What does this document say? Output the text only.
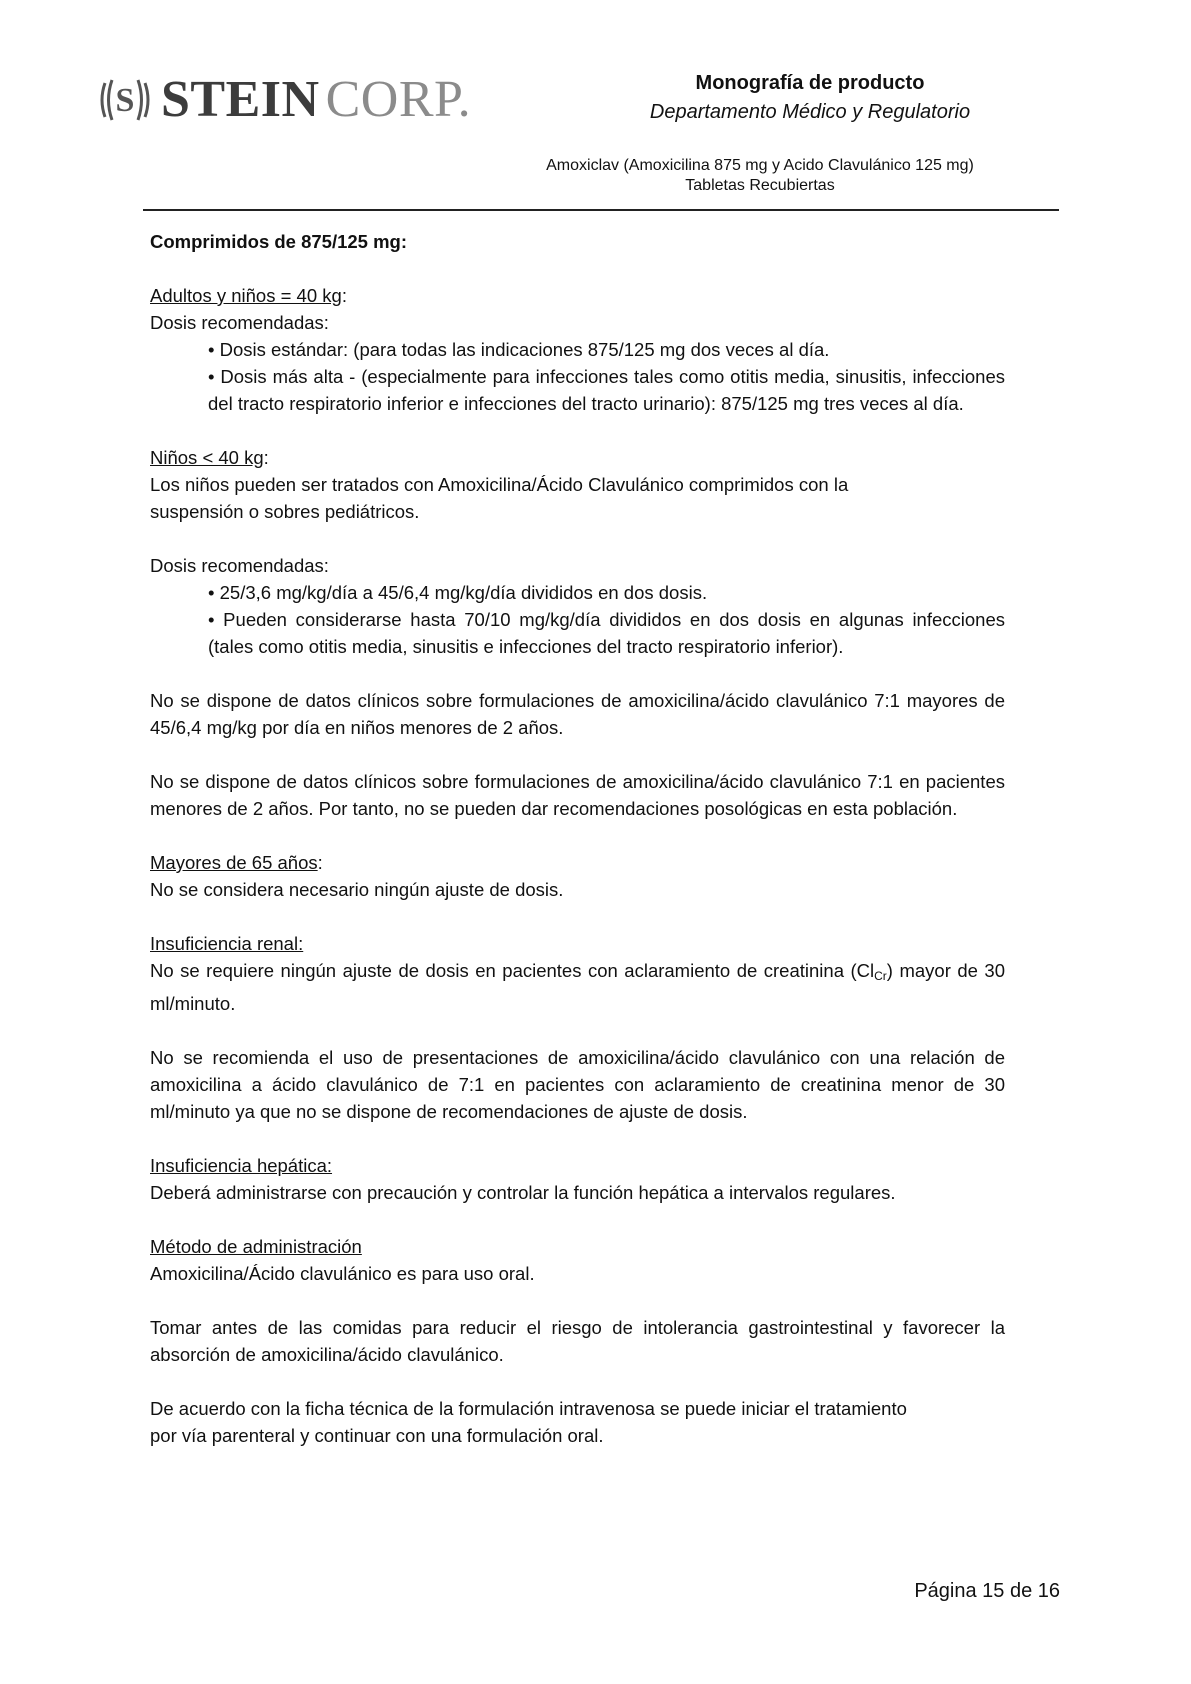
S STEIN CORP.	Monografía de producto
Departamento Médico y Regulatorio
Amoxiclav (Amoxicilina 875 mg y Acido Clavulánico 125 mg)
Tabletas Recubiertas

Comprimidos de 875/125 mg:

Adultos y niños = 40 kg:

Dosis recomendadas:

• Dosis estándar: (para todas las indicaciones 875/125 mg dos veces al día.

• Dosis más alta - (especialmente para infecciones tales como otitis media, sinusitis, infecciones del tracto respiratorio inferior e infecciones del tracto urinario): 875/125 mg tres veces al día.

Niños < 40 kg:

Los niños pueden ser tratados con Amoxicilina/Ácido Clavulánico comprimidos con la suspensión o sobres pediátricos.

Dosis recomendadas:

• 25/3,6 mg/kg/día a 45/6,4 mg/kg/día divididos en dos dosis.

• Pueden considerarse hasta 70/10 mg/kg/día divididos en dos dosis en algunas infecciones (tales como otitis media, sinusitis e infecciones del tracto respiratorio inferior).

No se dispone de datos clínicos sobre formulaciones de amoxicilina/ácido clavulánico 7:1 mayores de 45/6,4 mg/kg por día en niños menores de 2 años.

No se dispone de datos clínicos sobre formulaciones de amoxicilina/ácido clavulánico 7:1 en pacientes menores de 2 años. Por tanto, no se pueden dar recomendaciones posológicas en esta población.

Mayores de 65 años:

No se considera necesario ningún ajuste de dosis.

Insuficiencia renal:

No se requiere ningún ajuste de dosis en pacientes con aclaramiento de creatinina $(Cl_{Cr})$ mayor de 30 ml/minuto.

No se recomienda el uso de presentaciones de amoxicilina/ácido clavulánico con una relación de amoxicilina a ácido clavulánico de 7:1 en pacientes con aclaramiento de creatinina menor de 30 ml/minuto ya que no se dispone de recomendaciones de ajuste de dosis.

Insuficiencia hepática:

Deberá administrarse con precaución y controlar la función hepática a intervalos regulares.

Método de administración

Amoxicilina/Ácido clavulánico es para uso oral.

Tomar antes de las comidas para reducir el riesgo de intolerancia gastrointestinal y favorecer la absorción de amoxicilina/ácido clavulánico.

De acuerdo con la ficha técnica de la formulación intravenosa se puede iniciar el tratamiento

por vía parenteral y continuar con una formulación oral.

Página 15 de 16
